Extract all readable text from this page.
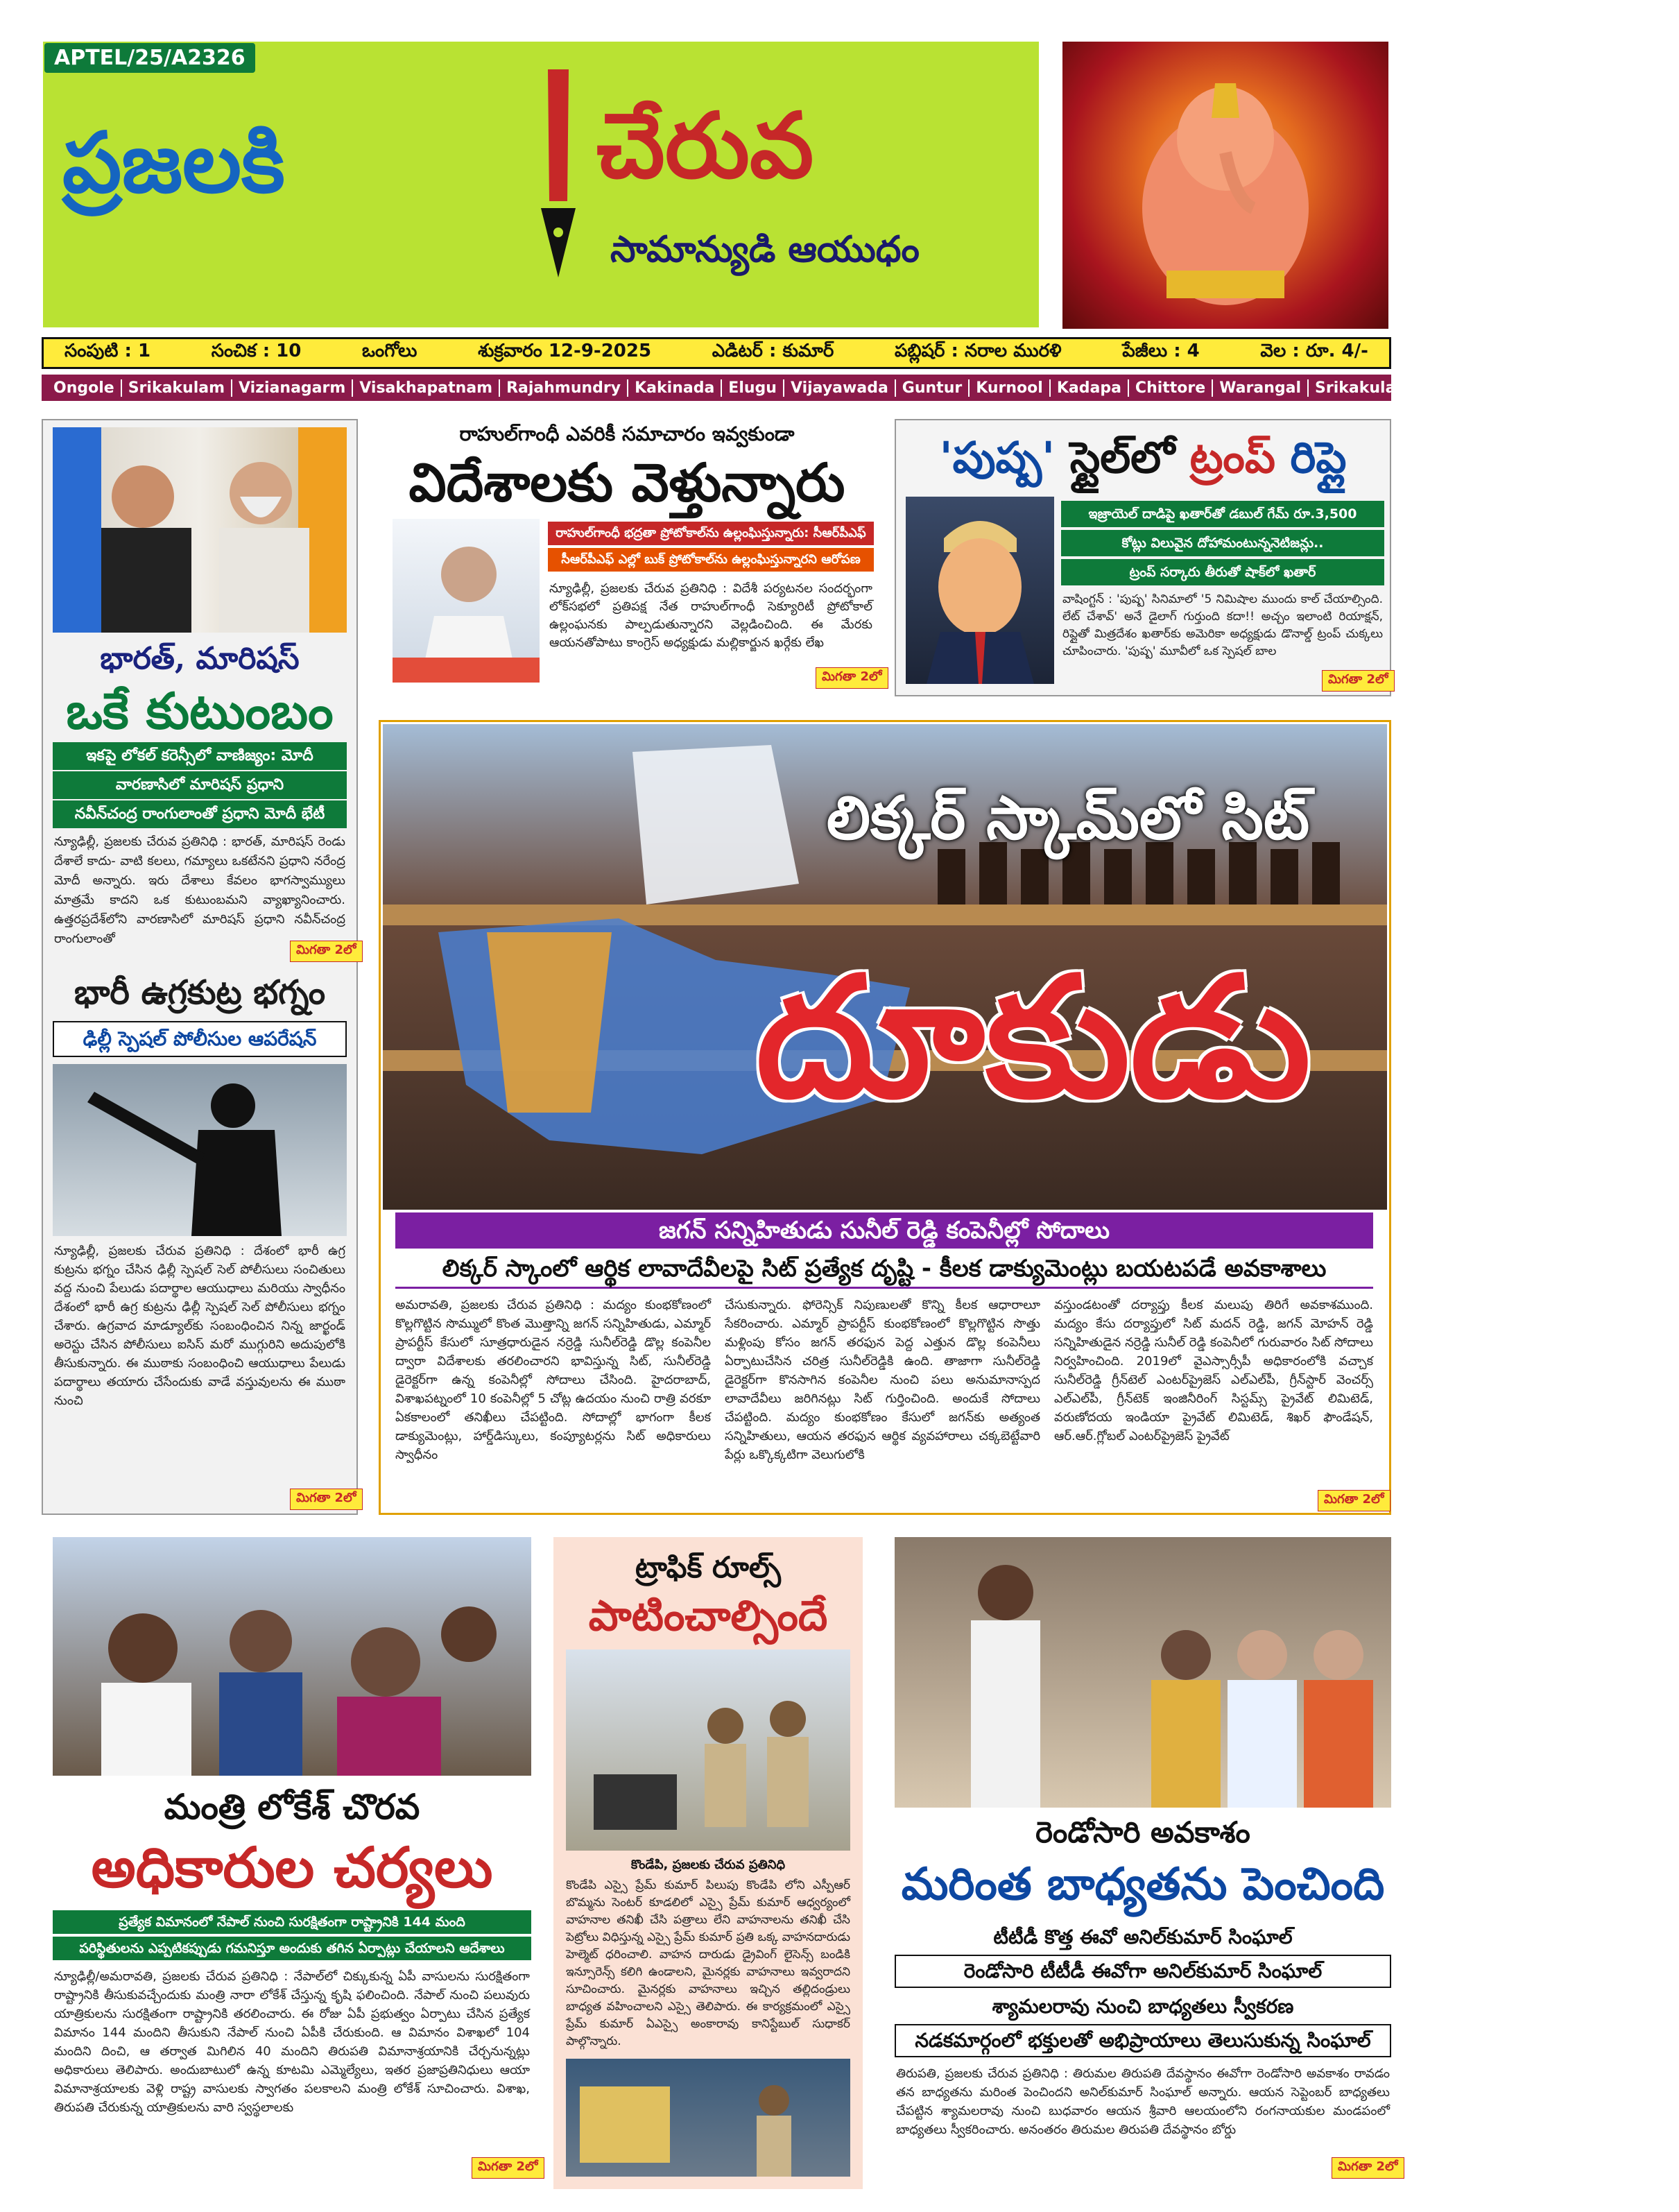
APTEL/25/A2326
ప్రజలకి	చేరువ
సామాన్యుడి ఆయుధం
సంపుటి : 1	సంచిక : 10	ఒంగోలు	శుక్రవారం 12-9-2025	ఎడిటర్ : కుమార్	పబ్లిషర్ : నరాల మురళి	పేజీలు : 4	వెల : రూ. 4/-
Ongole Srikakulam Vizianagarm Visakhapatnam Rajahmundry Kakinada Elugu Vijayawada Guntur Kurnool Kadapa Chittore Warangal Srikakulam Hyderabad Mehabubanagar
భారత్, మారిషస్
ఒకే కుటుంబం
ఇకపై లోకల్ కరెన్సీలో వాణిజ్యం: మోదీ
వారణాసిలో మారిషస్ ప్రధాని
నవీన్‌చంద్ర రాంగులాంతో ప్రధాని మోదీ భేటీ
న్యూఢిల్లీ, ప్రజలకు చేరువ ప్రతినిధి : భారత్, మారిషస్ రెండు దేశాలే కాదు- వాటి కలలు, గమ్యాలు ఒకటేనని ప్రధాని నరేంద్ర మోదీ అన్నారు. ఇరు దేశాలు కేవలం భాగస్వామ్యులు మాత్రమే కాదని ఒక కుటుంబమని వ్యాఖ్యానించారు. ఉత్తరప్రదేశ్‌లోని వారణాసిలో మారిషస్ ప్రధాని నవీన్‌చంద్ర రాంగులాంతో
మిగతా 2లో
భారీ ఉగ్రకుట్ర భగ్నం
ఢిల్లీ స్పెషల్ పోలీసుల ఆపరేషన్
న్యూఢిల్లీ, ప్రజలకు చేరువ ప్రతినిధి : దేశంలో భారీ ఉగ్ర కుట్రను భగ్నం చేసిన ఢిల్లీ స్పెషల్ సెల్ పోలీసులు సంచితులు వద్ద నుంచి పేలుడు పదార్థాల ఆయుధాలు మరియు స్వాధీనం దేశంలో భారీ ఉగ్ర కుట్రను ఢిల్లీ స్పెషల్ సెల్ పోలీసులు భగ్నం చేశారు. ఉగ్రవాద మాడ్యూల్‌కు సంబంధించిన నిన్న జార్ఖండ్ అరెస్టు చేసిన పోలీసులు ఐసిస్ మరో ముగ్గురిని అదుపులోకి తీసుకున్నారు. ఈ ముఠాకు సంబంధించి ఆయుధాలు పేలుడు పదార్థాలు తయారు చేసేందుకు వాడే వస్తువులను ఈ ముఠా నుంచి
మిగతా 2లో
రాహుల్‌గాంధీ ఎవరికీ సమాచారం ఇవ్వకుండా
విదేశాలకు వెళ్తున్నారు
రాహుల్‌గాంధీ భద్రతా ప్రోటోకాల్‌ను ఉల్లంఘిస్తున్నారు: సీఆర్‌పీఎఫ్
సీఆర్‌పీఎఫ్ ఎల్లో బుక్ ప్రోటోకాల్‌ను ఉల్లంఘిస్తున్నారని ఆరోపణ
న్యూఢిల్లీ, ప్రజలకు చేరువ ప్రతినిధి : విదేశీ పర్యటనల సందర్భంగా లోక్‌సభలో ప్రతిపక్ష నేత రాహుల్‌గాంధీ సెక్యూరిటీ ప్రోటోకాల్ ఉల్లంఘనకు పాల్పడుతున్నారని వెల్లడించింది. ఈ మేరకు ఆయనతోపాటు కాంగ్రెస్ అధ్యక్షుడు మల్లికార్జున ఖర్గేకు లేఖ
మిగతా 2లో
'పుష్ప' స్టైల్‌లో ట్రంప్ రిప్లై
ఇజ్రాయెల్ దాడిపై ఖతార్‌తో డబుల్ గేమ్ రూ.3,500
కోట్లు విలువైన దోహామంటున్ననెటిజన్లు..
ట్రంప్ సర్కారు తీరుతో షాక్‌లో ఖతార్
వాషింగ్టన్ : 'పుష్ప' సినిమాలో '5 నిమిషాల ముందు కాల్ చేయాల్సింది. లేట్ చేశావ్' అనే డైలాగ్ గుర్తుంది కదా!! అచ్చం ఇలాంటి రియాక్షన్, రిప్లైతో మిత్రదేశం ఖతార్‌కు అమెరికా అధ్యక్షుడు డొనాల్డ్ ట్రంప్ చుక్కలు చూపించారు. 'పుష్ప' మూవీలో ఒక స్పెషల్ బాల
మిగతా 2లో
లిక్కర్ స్కామ్‌లో సిట్
దూకుడు
జగన్ సన్నిహితుడు సునీల్ రెడ్డి కంపెనీల్లో సోదాలు
లిక్కర్ స్కాంలో ఆర్థిక లావాదేవీలపై సిట్ ప్రత్యేక దృష్టి - కీలక డాక్యుమెంట్లు బయటపడే అవకాశాలు
అమరావతి, ప్రజలకు చేరువ ప్రతినిధి : మద్యం కుంభకోణంలో కొల్లగొట్టిన సొమ్ములో కొంత మొత్తాన్ని జగన్ సన్నిహితుడు, ఎమ్మార్ ప్రాపర్టీస్ కేసులో సూత్రధారుడైన నర్రెడ్డి సునీల్‌రెడ్డి డొల్ల కంపెనీల ద్వారా విదేశాలకు తరలించారని భావిస్తున్న సిట్, సునీల్‌రెడ్డి డైరెక్టర్‌గా ఉన్న కంపెనీల్లో సోదాలు చేసింది. హైదరాబాద్, విశాఖపట్నంలో 10 కంపెనీల్లో 5 చోట్ల ఉదయం నుంచి రాత్రి వరకూ ఏకకాలంలో తనిఖీలు చేపట్టింది. సోదాల్లో భాగంగా కీలక డాక్యుమెంట్లు, హార్డ్‌డిస్కులు, కంప్యూటర్లను సిట్ అధికారులు స్వాధీనం
చేసుకున్నారు. ఫోరెన్సిక్ నిపుణులతో కొన్ని కీలక ఆధారాలూ సేకరించారు. ఎమ్మార్ ప్రాపర్టీస్ కుంభకోణంలో కొల్లగొట్టిన సొత్తు మళ్లింపు కోసం జగన్ తరఫున పెద్ద ఎత్తున డొల్ల కంపెనీలు ఏర్పాటుచేసిన చరిత్ర సునీల్‌రెడ్డికి ఉంది. తాజాగా సునీల్‌రెడ్డి డైరెక్టర్‌గా కొనసాగిన కంపెనీల నుంచి పలు అనుమానాస్పద లావాదేవీలు జరిగినట్లు సిట్ గుర్తించింది. అందుకే సోదాలు చేపట్టింది. మద్యం కుంభకోణం కేసులో జగన్‌కు అత్యంత సన్నిహితులు, ఆయన తరఫున ఆర్థిక వ్యవహారాలు చక్కబెట్టేవారి పేర్లు ఒక్కొక్కటిగా వెలుగులోకి
వస్తుండటంతో దర్యాప్తు కీలక మలుపు తిరిగే అవకాశముంది. మద్యం కేసు దర్యాప్తులో సిట్ మదన్ రెడ్డి, జగన్ మోహన్ రెడ్డి సన్నిహితుడైన నర్రెడ్డి సునీల్ రెడ్డి కంపెనీలో గురువారం సిట్ సోదాలు నిర్వహించింది. 2019లో వైఎస్సార్సీపీ అధికారంలోకి వచ్చాక సునీల్‌రెడ్డి గ్రీన్‌టెల్ ఎంటర్‌ప్రైజెస్ ఎల్‌ఎల్‌పీ, గ్రీన్‌స్టార్ వెంచర్స్ ఎల్‌ఎల్‌పీ, గ్రీన్‌టెక్ ఇంజినీరింగ్ సిస్టమ్స్ ప్రైవేట్ లిమిటెడ్, వరుణోదయ ఇండియా ప్రైవేట్ లిమిటెడ్, శిఖర్ ఫౌండేషన్, ఆర్.ఆర్.గ్లోబల్ ఎంటర్‌ప్రైజెస్ ప్రైవేట్
మిగతా 2లో
మంత్రి లోకేశ్ చొరవ
అధికారుల చర్యలు
ప్రత్యేక విమానంలో నేపాల్ నుంచి సురక్షితంగా రాష్ట్రానికి 144 మంది
పరిస్థితులను ఎప్పటికప్పుడు గమనిస్తూ అందుకు తగిన ఏర్పాట్లు చేయాలని ఆదేశాలు
న్యూఢిల్లీ/అమరావతి, ప్రజలకు చేరువ ప్రతినిధి : నేపాల్‌లో చిక్కుకున్న ఏపీ వాసులను సురక్షితంగా రాష్ట్రానికి తీసుకువచ్చేందుకు మంత్రి నారా లోకేశ్ చేస్తున్న కృషి ఫలించింది. నేపాల్ నుంచి పలువురు యాత్రికులను సురక్షితంగా రాష్ట్రానికి తరలించారు. ఈ రోజు ఏపీ ప్రభుత్వం ఏర్పాటు చేసిన ప్రత్యేక విమానం 144 మందిని తీసుకుని నేపాల్ నుంచి ఏపీకి చేరుకుంది. ఆ విమానం విశాఖలో 104 మందిని దించి, ఆ తర్వాత మిగిలిన 40 మందిని తిరుపతి విమానాశ్రయానికి చేర్చనున్నట్లు అధికారులు తెలిపారు. అందుబాటులో ఉన్న కూటమి ఎమ్మెల్యేలు, ఇతర ప్రజాప్రతినిధులు ఆయా విమానాశ్రయాలకు వెళ్లి రాష్ట్ర వాసులకు స్వాగతం పలకాలని మంత్రి లోకేశ్ సూచించారు. విశాఖ, తిరుపతి చేరుకున్న యాత్రికులను వారి స్వస్థలాలకు
మిగతా 2లో
ట్రాఫిక్ రూల్స్
పాటించాల్సిందే
కొండేపి, ప్రజలకు చేరువ ప్రతినిధి
కొండేపి ఎస్సై ప్రేమ్ కుమార్ పిలుపు కొండేపి లోని ఎస్పీఆర్ బొమ్మను సెంటర్ కూడలిలో ఎస్సై ప్రేమ్ కుమార్ ఆధ్వర్యంలో వాహనాల తనిఖీ చేసి పత్రాలు లేని వాహనాలను తనిఖీ చేసి పెట్రోలు విధిస్తున్న ఎస్సై ప్రేమ్ కుమార్ ప్రతి ఒక్క వాహనదారుడు హెల్మెట్ ధరించాలి. వాహన దారుడు డ్రైవింగ్ లైసెన్స్ బండికి ఇన్సూరెన్స్ కలిగి ఉండాలని, మైనర్లకు వాహనాలు ఇవ్వరాదని సూచించారు. మైనర్లకు వాహనాలు ఇచ్చిన తల్లిదండ్రులు బాధ్యత వహించాలని ఎస్సై తెలిపారు. ఈ కార్యక్రమంలో ఎస్సై ప్రేమ్ కుమార్ ఏఎస్సై అంకారావు కానిస్టేబుల్ సుధాకర్ పాల్గొన్నారు.
రెండోసారి అవకాశం
మరింత బాధ్యతను పెంచింది
టీటీడీ కొత్త ఈవో అనిల్‌కుమార్ సింఘాల్
రెండోసారి టీటీడీ ఈవోగా అనిల్‌కుమార్ సింఘాల్
శ్యామలరావు నుంచి బాధ్యతలు స్వీకరణ
నడకమార్గంలో భక్తులతో అభిప్రాయాలు తెలుసుకున్న సింఘాల్
తిరుపతి, ప్రజలకు చేరువ ప్రతినిధి : తిరుమల తిరుపతి దేవస్థానం ఈవోగా రెండోసారి అవకాశం రావడం తన బాధ్యతను మరింత పెంచిందని అనిల్‌కుమార్ సింఘాల్ అన్నారు. ఆయన సెప్టెంబర్ బాధ్యతలు చేపట్టిన శ్యామలరావు నుంచి బుధవారం ఆయన శ్రీవారి ఆలయంలోని రంగనాయకుల మండపంలో బాధ్యతలు స్వీకరించారు. అనంతరం తిరుమల తిరుపతి దేవస్థానం బోర్డు
మిగతా 2లో
